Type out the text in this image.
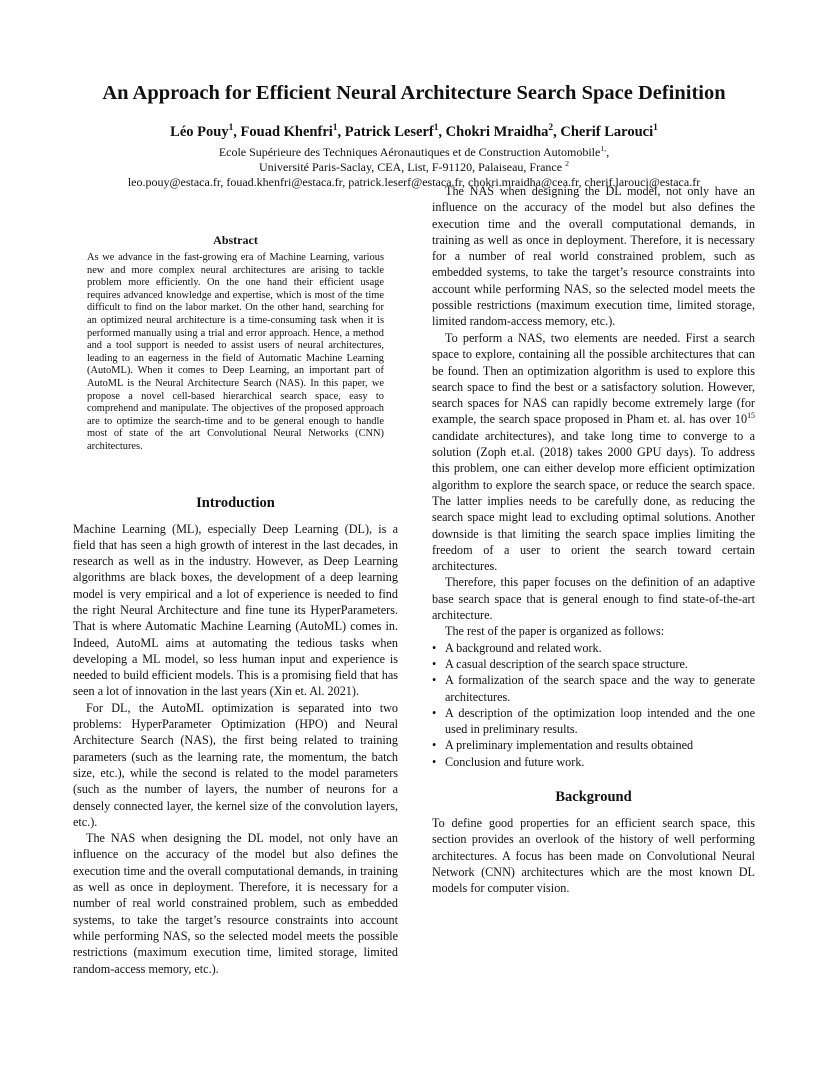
An Approach for Efficient Neural Architecture Search Space Definition
Léo Pouy$^1$, Fouad Khenfri$^1$, Patrick Leserf$^1$, Chokri Mraidha$^2$, Cherif Larouci$^1$
Ecole Supérieure des Techniques Aéronautiques et de Construction Automobile$^{1,}$,
Université Paris-Saclay, CEA, List, F-91120, Palaiseau, France $^2$
leo.pouy@estaca.fr, fouad.khenfri@estaca.fr, patrick.leserf@estaca.fr, chokri.mraidha@cea.fr, cherif.larouci@estaca.fr
Abstract
As we advance in the fast-growing era of Machine Learning, various new and more complex neural architectures are arising to tackle problem more efficiently. On the one hand their efficient usage requires advanced knowledge and expertise, which is most of the time difficult to find on the labor market. On the other hand, searching for an optimized neural architecture is a time-consuming task when it is performed manually using a trial and error approach. Hence, a method and a tool support is needed to assist users of neural architectures, leading to an eagerness in the field of Automatic Machine Learning (AutoML). When it comes to Deep Learning, an important part of AutoML is the Neural Architecture Search (NAS). In this paper, we propose a novel cell-based hierarchical search space, easy to comprehend and manipulate. The objectives of the proposed approach are to optimize the search-time and to be general enough to handle most of state of the art Convolutional Neural Networks (CNN) architectures.
Introduction

Machine Learning (ML), especially Deep Learning (DL), is a field that has seen a high growth of interest in the last decades, in research as well as in the industry. However, as Deep Learning algorithms are black boxes, the development of a deep learning model is very empirical and a lot of experience is needed to find the right Neural Architecture and fine tune its HyperParameters. That is where Automatic Machine Learning (AutoML) comes in. Indeed, AutoML aims at automating the tedious tasks when developing a ML model, so less human input and experience is needed to build efficient models. This is a promising field that has seen a lot of innovation in the last years (Xin et. Al. 2021).

For DL, the AutoML optimization is separated into two problems: HyperParameter Optimization (HPO) and Neural Architecture Search (NAS), the first being related to training parameters (such as the learning rate, the momentum, the batch size, etc.), while the second is related to the model parameters (such as the number of layers, the number of neurons for a densely connected layer, the kernel size of the convolution layers, etc.).

The NAS when designing the DL model, not only have an influence on the accuracy of the model but also defines the execution time and the overall computational demands, in training as well as once in deployment. Therefore, it is necessary for a number of real world constrained problem, such as embedded systems, to take the target’s resource constraints into account while performing NAS, so the selected model meets the possible restrictions (maximum execution time, limited storage, limited random-access memory, etc.).

The NAS when designing the DL model, not only have an influence on the accuracy of the model but also defines the execution time and the overall computational demands, in training as well as once in deployment. Therefore, it is necessary for a number of real world constrained problem, such as embedded systems, to take the target’s resource constraints into account while performing NAS, so the selected model meets the possible restrictions (maximum execution time, limited storage, limited random-access memory, etc.).

To perform a NAS, two elements are needed. First a search space to explore, containing all the possible architectures that can be found. Then an optimization algorithm is used to explore this search space to find the best or a satisfactory solution. However, search spaces for NAS can rapidly become extremely large (for example, the search space proposed in Pham et. al. has over $10^{15}$ candidate architectures), and take long time to converge to a solution (Zoph et.al. (2018) takes 2000 GPU days). To address this problem, one can either develop more efficient optimization algorithm to explore the search space, or reduce the search space. The latter implies needs to be carefully done, as reducing the search space might lead to excluding optimal solutions. Another downside is that limiting the search space implies limiting the freedom of a user to orient the search toward certain architectures.

Therefore, this paper focuses on the definition of an adaptive base search space that is general enough to find state-of-the-art architecture.

The rest of the paper is organized as follows:

• A background and related work.
• A casual description of the search space structure.
• A formalization of the search space and the way to generate architectures.
• A description of the optimization loop intended and the one used in preliminary results.
• A preliminary implementation and results obtained
• Conclusion and future work.
Background

To define good properties for an efficient search space, this section provides an overlook of the history of well performing architectures. A focus has been made on Convolutional Neural Network (CNN) architectures which are the most known DL models for computer vision.
